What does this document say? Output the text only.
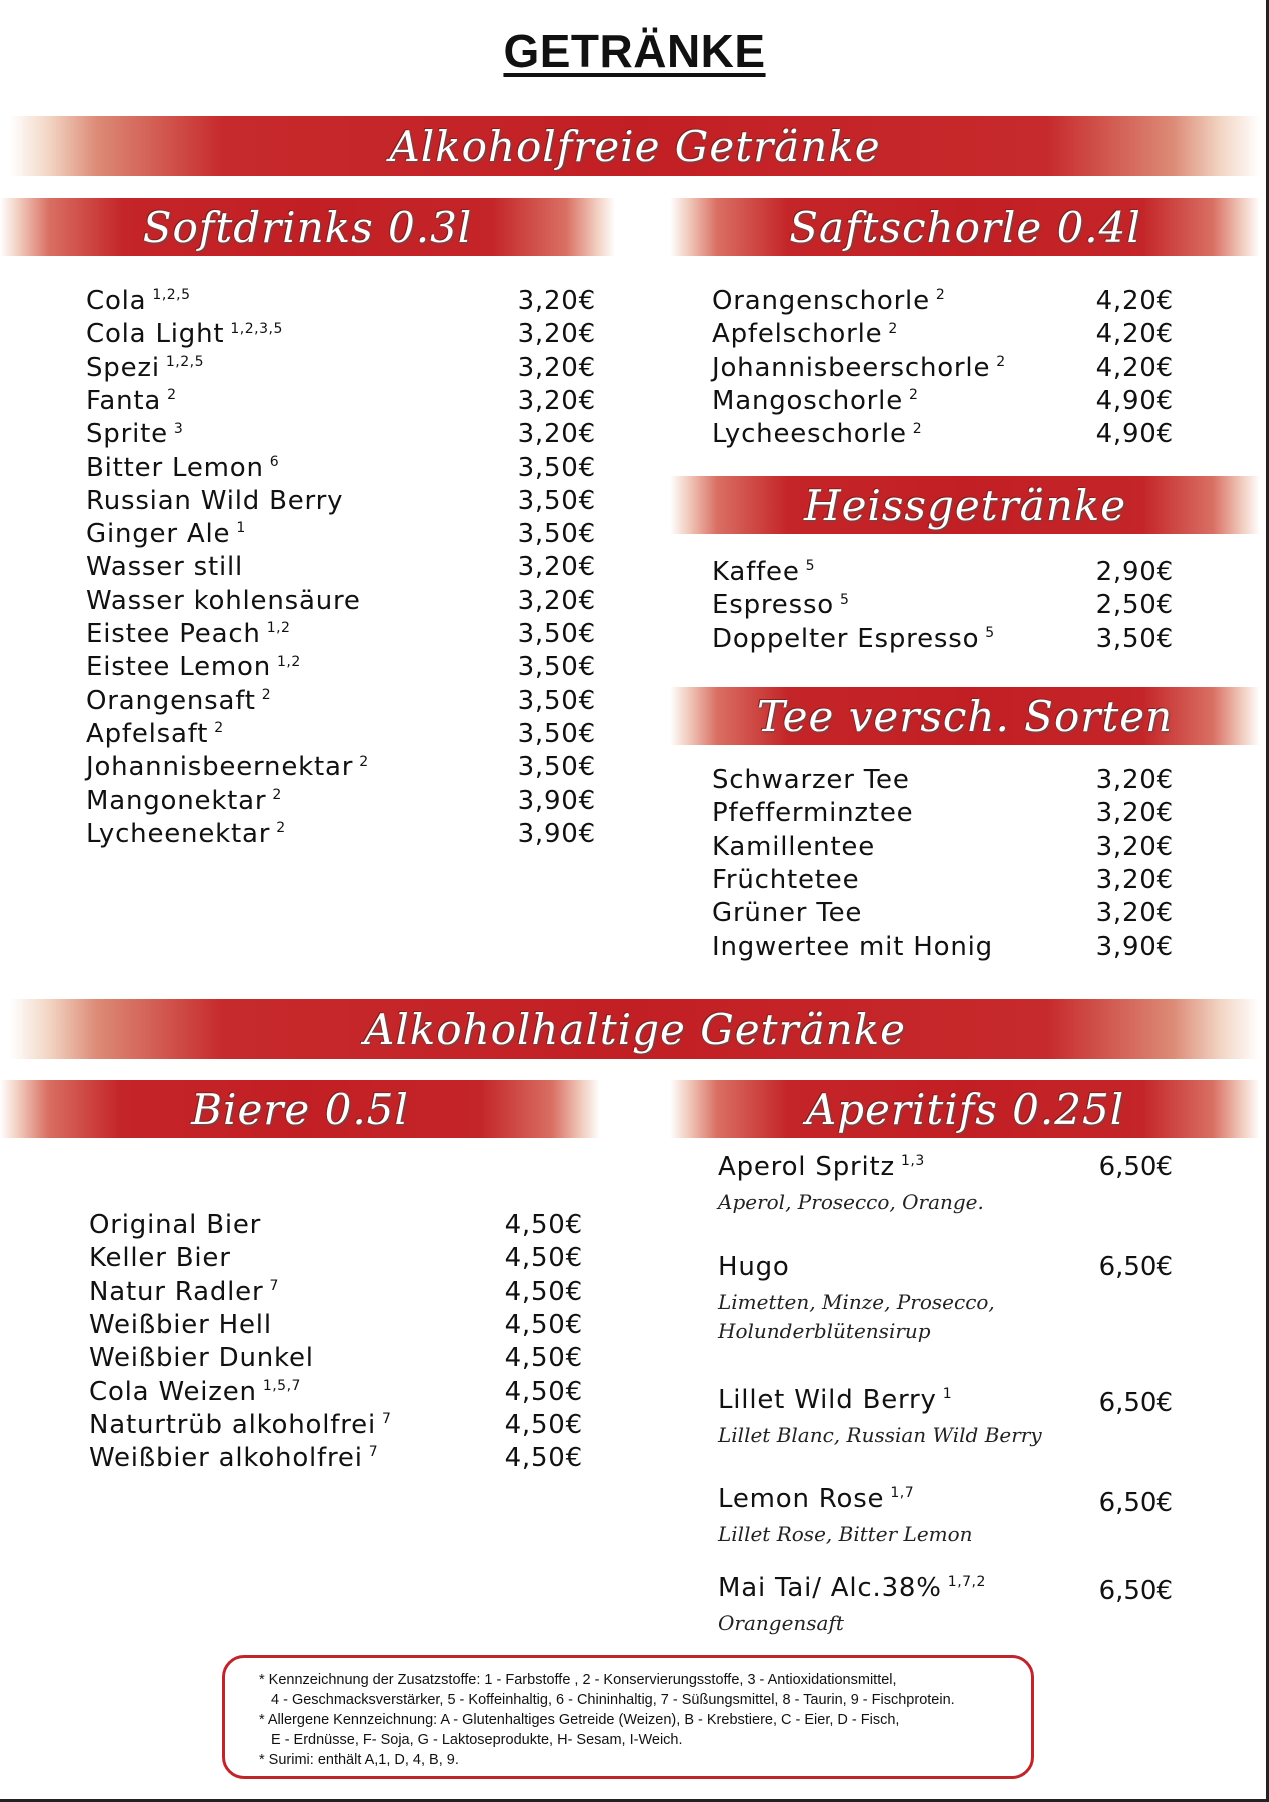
GETRÄNKE
Alkoholfreie Getränke
Softdrinks 0.3l	Saftschorle 0.4l
Cola $^{1,2,5}$	3,20€
Cola Light $^{1,2,3,5}$	3,20€
Spezi $^{1,2,5}$	3,20€
Fanta $^2$	3,20€
Sprite $^3$	3,20€
Bitter Lemon $^6$	3,50€
Russian Wild Berry	3,50€
Ginger Ale $^1$	3,50€
Wasser still	3,20€
Wasser kohlensäure	3,20€
Eistee Peach $^{1,2}$	3,50€
Eistee Lemon $^{1,2}$	3,50€
Orangensaft $^2$	3,50€
Apfelsaft $^2$	3,50€
Johannisbeernektar $^2$	3,50€
Mangonektar $^2$	3,90€
Lycheenektar $^2$	3,90€
Orangenschorle $^2$	4,20€
Apfelschorle $^2$	4,20€
Johannisbeerschorle $^2$	4,20€
Mangoschorle $^2$	4,90€
Lycheeschorle $^2$	4,90€
Heissgetränke
Kaffee $^5$	2,90€
Espresso $^5$	2,50€
Doppelter Espresso $^5$	3,50€
Tee versch. Sorten
Schwarzer Tee	3,20€
Pfefferminztee	3,20€
Kamillentee	3,20€
Früchtetee	3,20€
Grüner Tee	3,20€
Ingwertee mit Honig	3,90€
Alkoholhaltige Getränke
Biere 0.5l	Aperitifs 0.25l
Original Bier	4,50€
Keller Bier	4,50€
Natur Radler $^7$	4,50€
Weißbier Hell	4,50€
Weißbier Dunkel	4,50€
Cola Weizen $^{1,5,7}$	4,50€
Naturtrüb alkoholfrei $^7$	4,50€
Weißbier alkoholfrei $^7$	4,50€
Aperol Spritz $^{1,3}$
Aperol, Prosecco, Orange.
6,50€
Hugo
Limetten, Minze, Prosecco,
Holunderblütensirup
6,50€
Lillet Wild Berry $^1$
Lillet Blanc, Russian Wild Berry
6,50€
Lemon Rose $^{1,7}$
Lillet Rose, Bitter Lemon
6,50€
Mai Tai/ Alc.38% $^{1,7,2}$
Orangensaft
6,50€
* Kennzeichnung der Zusatzstoffe: 1 - Farbstoffe , 2 - Konservierungsstoffe, 3 - Antioxidationsmittel,
4 - Geschmacksverstärker, 5 - Koffeinhaltig, 6 - Chininhaltig, 7 - Süßungsmittel, 8 - Taurin, 9 - Fischprotein.
* Allergene Kennzeichnung: A - Glutenhaltiges Getreide (Weizen), B - Krebstiere, C - Eier, D - Fisch,
E - Erdnüsse, F- Soja, G - Laktoseprodukte, H- Sesam, I-Weich.
* Surimi: enthält A,1, D, 4, B, 9.
